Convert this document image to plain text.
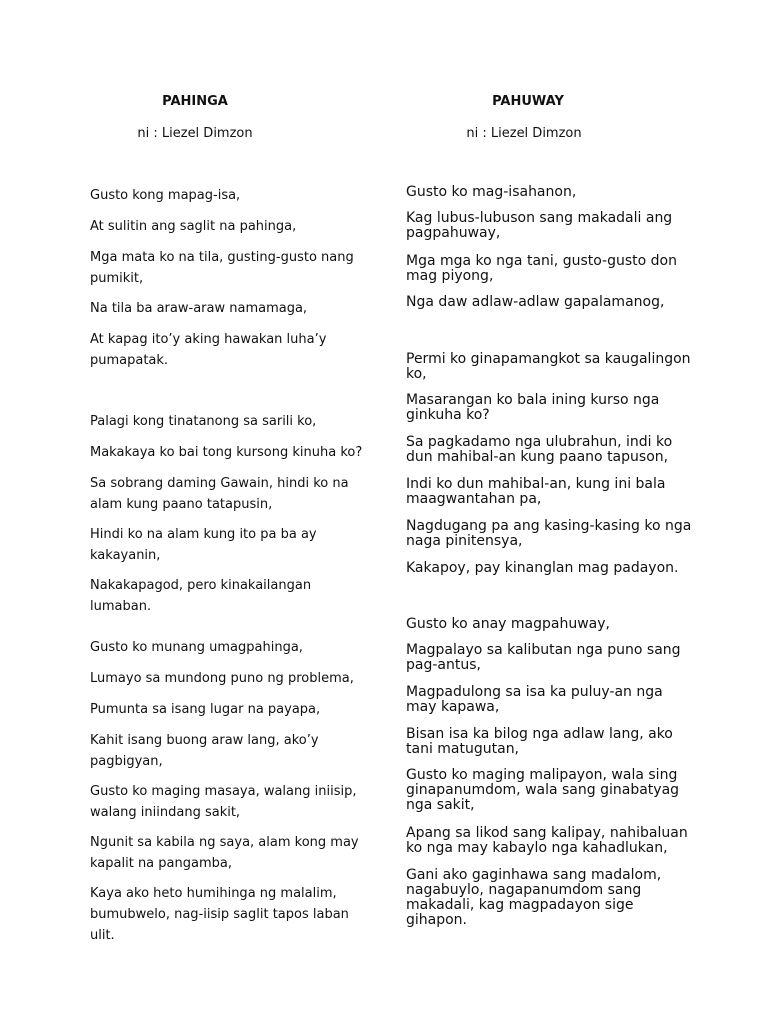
PAHINGA

ni : Liezel Dimzon

Gusto kong mapag-isa,

At sulitin ang saglit na pahinga,

Mga mata ko na tila, gusting-gusto nang pumikit,

Na tila ba araw-araw namamaga,

At kapag ito’y aking hawakan luha’y pumapatak.

Palagi kong tinatanong sa sarili ko,

Makakaya ko bai tong kursong kinuha ko?

Sa sobrang daming Gawain, hindi ko na alam kung paano tatapusin,

Hindi ko na alam kung ito pa ba ay kakayanin,

Nakakapagod, pero kinakailangan lumaban.

Gusto ko munang umagpahinga,

Lumayo sa mundong puno ng problema,

Pumunta sa isang lugar na payapa,

Kahit isang buong araw lang, ako’y pagbigyan,

Gusto ko maging masaya, walang iniisip, walang iniindang sakit,

Ngunit sa kabila ng saya, alam kong may kapalit na pangamba,

Kaya ako heto humihinga ng malalim, bumubwelo, nag-iisip saglit tapos laban ulit.

PAHUWAY

ni : Liezel Dimzon

Gusto ko mag-isahanon,

Kag lubus-lubuson sang makadali ang pagpahuway,

Mga mga ko nga tani, gusto-gusto don mag piyong,

Nga daw adlaw-adlaw gapalamanog,

Permi ko ginapamangkot sa kaugalingon ko,

Masarangan ko bala ining kurso nga ginkuha ko?

Sa pagkadamo nga ulubrahun, indi ko dun mahibal-an kung paano tapuson,

Indi ko dun mahibal-an, kung ini bala maagwantahan pa,

Nagdugang pa ang kasing-kasing ko nga naga pinitensya,

Kakapoy, pay kinanglan mag padayon.

Gusto ko anay magpahuway,

Magpalayo sa kalibutan nga puno sang pag-antus,

Magpadulong sa isa ka puluy-an nga may kapawa,

Bisan isa ka bilog nga adlaw lang, ako tani matugutan,

Gusto ko maging malipayon, wala sing ginapanumdom, wala sang ginabatyag nga sakit,

Apang sa likod sang kalipay, nahibaluan ko nga may kabaylo nga kahadlukan,

Gani ako gaginhawa sang madalom, nagabuylo, nagapanumdom sang makadali, kag magpadayon sige gihapon.
